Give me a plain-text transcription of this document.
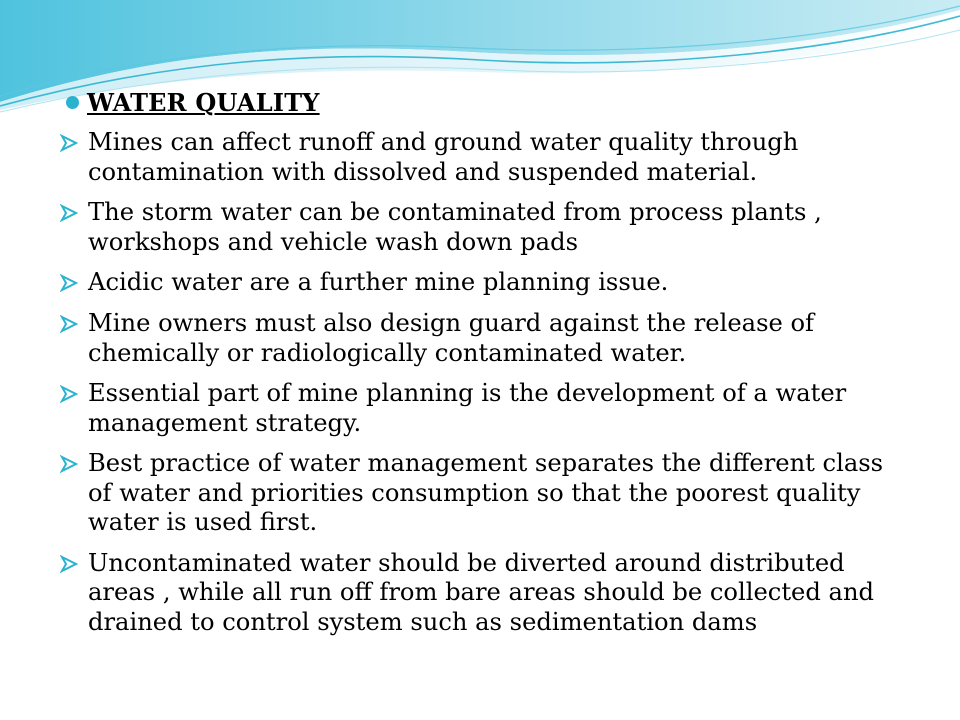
WATER QUALITY
Mines can affect runoff and ground water quality through contamination with dissolved and suspended material.
The storm water can be contaminated from process plants , workshops and vehicle wash down pads
Acidic water are a further mine planning issue.
Mine owners must also design guard against the release of chemically or radiologically contaminated water.
Essential part of mine planning is the development of a water management strategy.
Best practice of water management separates the different class of water and priorities consumption so that the poorest quality water is used first.
Uncontaminated water should be diverted around distributed areas , while all run off from bare areas should be collected and drained to control system such as sedimentation dams
